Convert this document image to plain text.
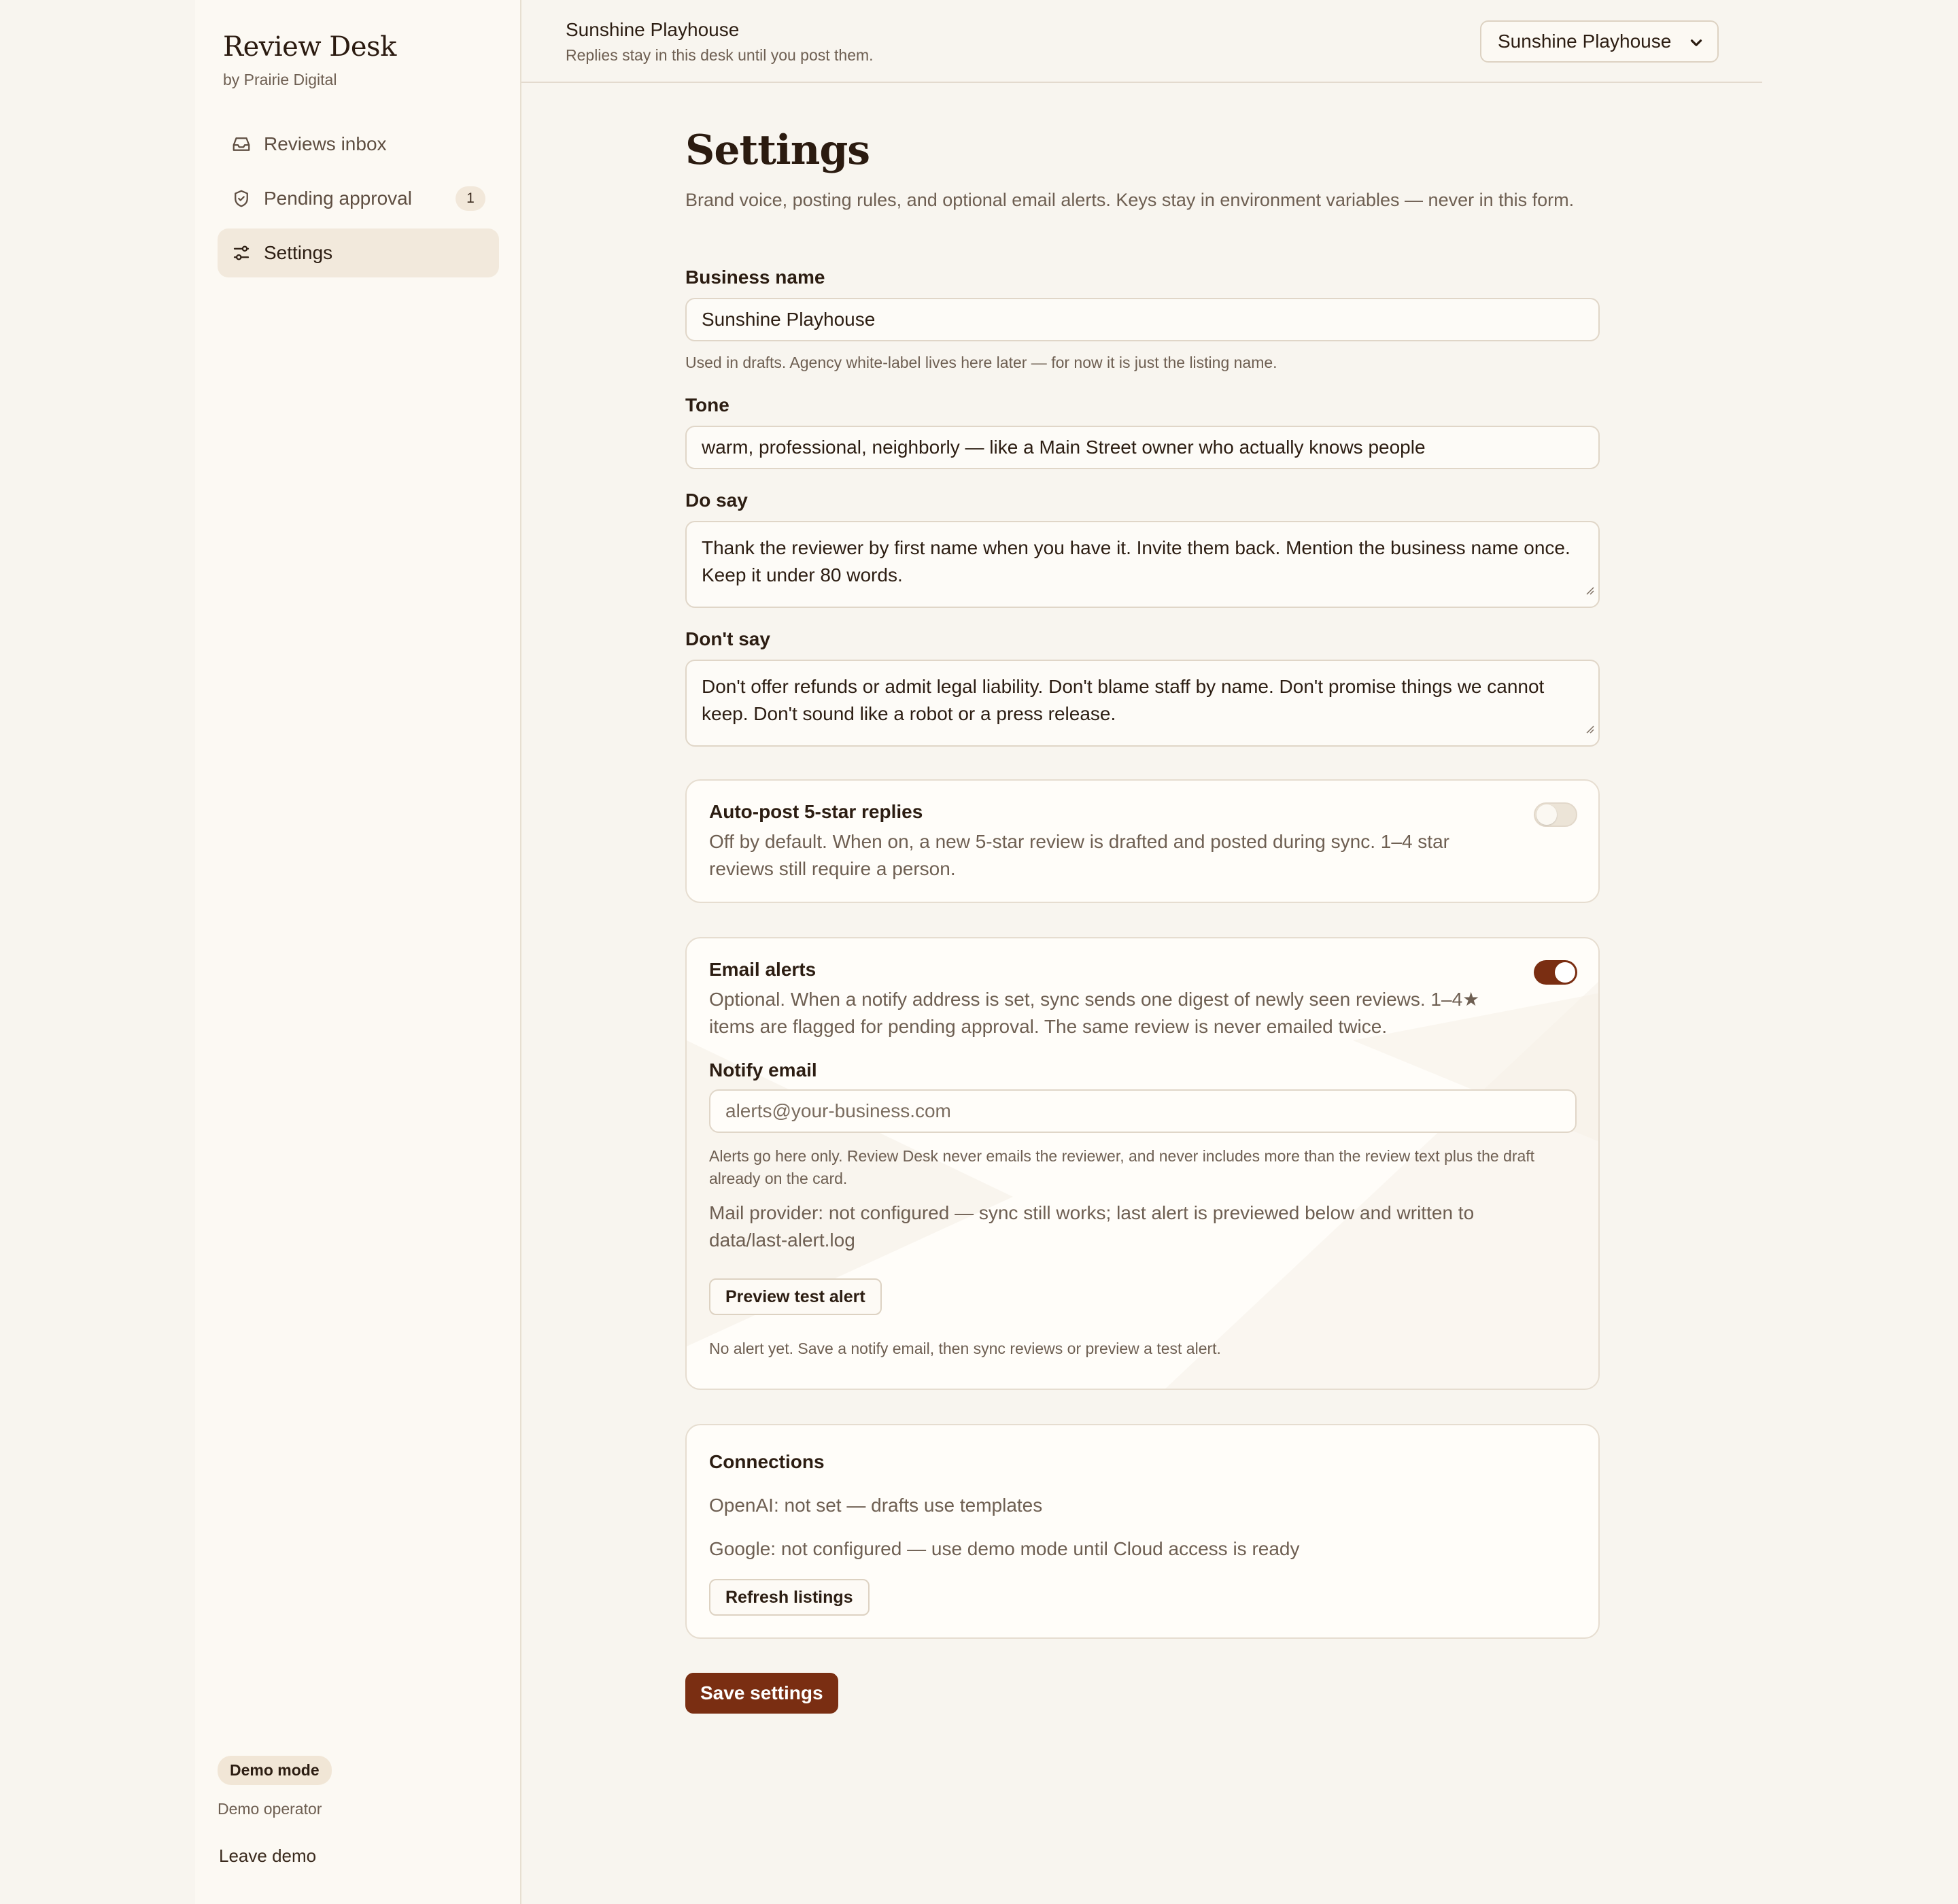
Review Desk
by Prairie Digital
Reviews inbox
Pending approval	1
Settings
Demo mode
Demo operator
Leave demo
Sunshine Playhouse
Replies stay in this desk until you post them.
Sunshine Playhouse
Settings

Brand voice, posting rules, and optional email alerts. Keys stay in environment variables — never in this form.

Business name
Sunshine Playhouse
Used in drafts. Agency white-label lives here later — for now it is just the listing name.
Tone
warm, professional, neighborly — like a Main Street owner who actually knows people
Do say
Thank the reviewer by first name when you have it. Invite them back. Mention the business name once. Keep it under 80 words.
Don't say
Don't offer refunds or admit legal liability. Don't blame staff by name. Don't promise things we cannot keep. Don't sound like a robot or a press release.
Auto-post 5-star replies
Off by default. When on, a new 5-star review is drafted and posted during sync. 1–4 star reviews still require a person.
Email alerts
Optional. When a notify address is set, sync sends one digest of newly seen reviews. 1–4★ items are flagged for pending approval. The same review is never emailed twice.
Notify email
alerts@your-business.com
Alerts go here only. Review Desk never emails the reviewer, and never includes more than the review text plus the draft already on the card.
Mail provider: not configured — sync still works; last alert is previewed below and written to data/last-alert.log
Preview test alert
No alert yet. Save a notify email, then sync reviews or preview a test alert.
Connections
OpenAI: not set — drafts use templates
Google: not configured — use demo mode until Cloud access is ready
Refresh listings
Save settings
